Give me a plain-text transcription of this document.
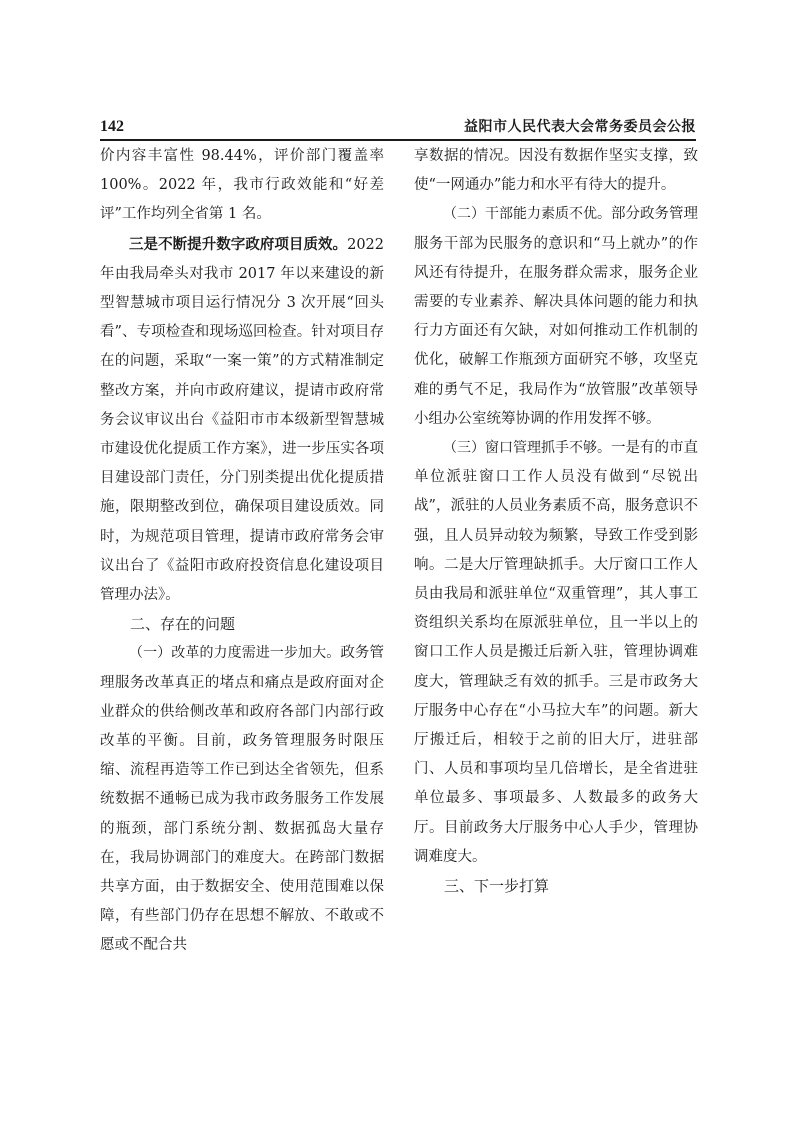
142	益阳市人民代表大会常务委员会公报

价内容丰富性 98.44%，评价部门覆盖率 100%。2022 年，我市行政效能和“好差评”工作均列全省第 1 名。

三是不断提升数字政府项目质效。2022 年由我局牵头对我市 2017 年以来建设的新型智慧城市项目运行情况分 3 次开展“回头看”、专项检查和现场巡回检查。针对项目存在的问题，采取“一案一策”的方式精准制定整改方案，并向市政府建议，提请市政府常务会议审议出台《益阳市市本级新型智慧城市建设优化提质工作方案》，进一步压实各项目建设部门责任，分门别类提出优化提质措施，限期整改到位，确保项目建设质效。同时，为规范项目管理，提请市政府常务会审议出台了《益阳市政府投资信息化建设项目管理办法》。

二、存在的问题

（一）改革的力度需进一步加大。政务管理服务改革真正的堵点和痛点是政府面对企业群众的供给侧改革和政府各部门内部行政改革的平衡。目前，政务管理服务时限压缩、流程再造等工作已到达全省领先，但系统数据不通畅已成为我市政务服务工作发展的瓶颈，部门系统分割、数据孤岛大量存在，我局协调部门的难度大。在跨部门数据共享方面，由于数据安全、使用范围难以保障，有些部门仍存在思想不解放、不敢或不愿或不配合共

享数据的情况。因没有数据作坚实支撑，致使“一网通办”能力和水平有待大的提升。

（二）干部能力素质不优。部分政务管理服务干部为民服务的意识和“马上就办”的作风还有待提升，在服务群众需求，服务企业需要的专业素养、解决具体问题的能力和执行力方面还有欠缺，对如何推动工作机制的优化，破解工作瓶颈方面研究不够，攻坚克难的勇气不足，我局作为“放管服”改革领导小组办公室统筹协调的作用发挥不够。

（三）窗口管理抓手不够。一是有的市直单位派驻窗口工作人员没有做到“尽锐出战”，派驻的人员业务素质不高，服务意识不强，且人员异动较为频繁，导致工作受到影响。二是大厅管理缺抓手。大厅窗口工作人员由我局和派驻单位“双重管理”，其人事工资组织关系均在原派驻单位，且一半以上的窗口工作人员是搬迁后新入驻，管理协调难度大，管理缺乏有效的抓手。三是市政务大厅服务中心存在“小马拉大车”的问题。新大厅搬迁后，相较于之前的旧大厅，进驻部门、人员和事项均呈几倍增长，是全省进驻单位最多、事项最多、人数最多的政务大厅。目前政务大厅服务中心人手少，管理协调难度大。

三、下一步打算
